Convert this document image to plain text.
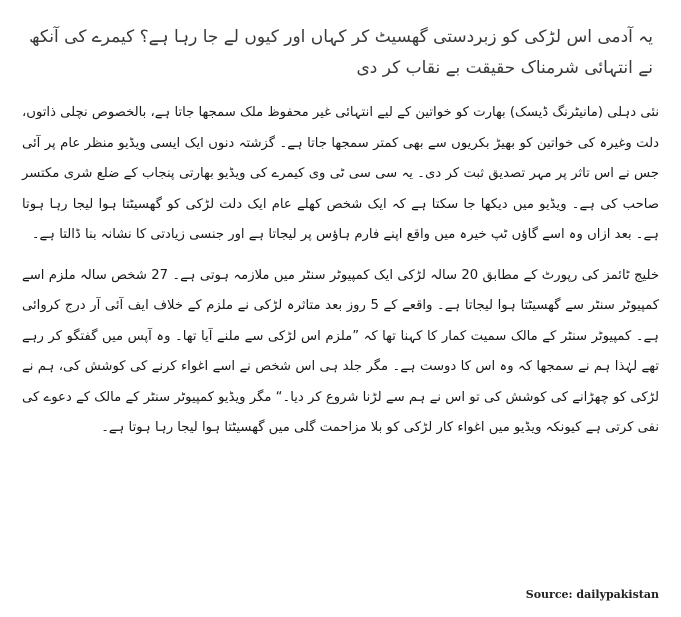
یہ آدمی اس لڑکی کو زبردستی گھسیٹ کر کہاں اور کیوں لے جا رہا ہے؟ کیمرے کی آنکھ نے انتہائی شرمناک حقیقت بے نقاب کر دی

نئی دہلی (مانیٹرنگ ڈیسک) بھارت کو خواتین کے لیے انتہائی غیر محفوظ ملک سمجھا جاتا ہے، بالخصوص نچلی ذاتوں، دلت وغیرہ کی خواتین کو بھیڑ بکریوں سے بھی کمتر سمجھا جاتا ہے۔ گزشتہ دنوں ایک ایسی ویڈیو منظر عام پر آئی جس نے اس تاثر پر مہر تصدیق ثبت کر دی۔ یہ سی سی ٹی وی کیمرے کی ویڈیو بھارتی پنجاب کے ضلع شری مکتسر صاحب کی ہے۔ ویڈیو میں دیکھا جا سکتا ہے کہ ایک شخص کھلے عام ایک دلت لڑکی کو گھسیٹتا ہوا لیجا رہا ہوتا ہے۔ بعد ازاں وہ اسے گاؤں ٹپ خیرہ میں واقع اپنے فارم ہاؤس پر لیجاتا ہے اور جنسی زیادتی کا نشانہ بنا ڈالتا ہے۔

خلیج ٹائمز کی رپورٹ کے مطابق 20 سالہ لڑکی ایک کمپیوٹر سنٹر میں ملازمہ ہوتی ہے۔ 27 شخص سالہ ملزم اسے کمپیوٹر سنٹر سے گھسیٹتا ہوا لیجاتا ہے۔ واقعے کے 5 روز بعد متاثرہ لڑکی نے ملزم کے خلاف ایف آئی آر درج کروائی ہے۔ کمپیوٹر سنٹر کے مالک سمیت کمار کا کہنا تھا کہ ”ملزم اس لڑکی سے ملنے آیا تھا۔ وہ آپس میں گفتگو کر رہے تھے لہٰذا ہم نے سمجھا کہ وہ اس کا دوست ہے۔ مگر جلد ہی اس شخص نے اسے اغواء کرنے کی کوشش کی، ہم نے لڑکی کو چھڑانے کی کوشش کی تو اس نے ہم سے لڑنا شروع کر دیا۔“ مگر ویڈیو کمپیوٹر سنٹر کے مالک کے دعوے کی نفی کرتی ہے کیونکہ ویڈیو میں اغواء کار لڑکی کو بلا مزاحمت گلی میں گھسیٹتا ہوا لیجا رہا ہوتا ہے۔

Source: dailypakistan
